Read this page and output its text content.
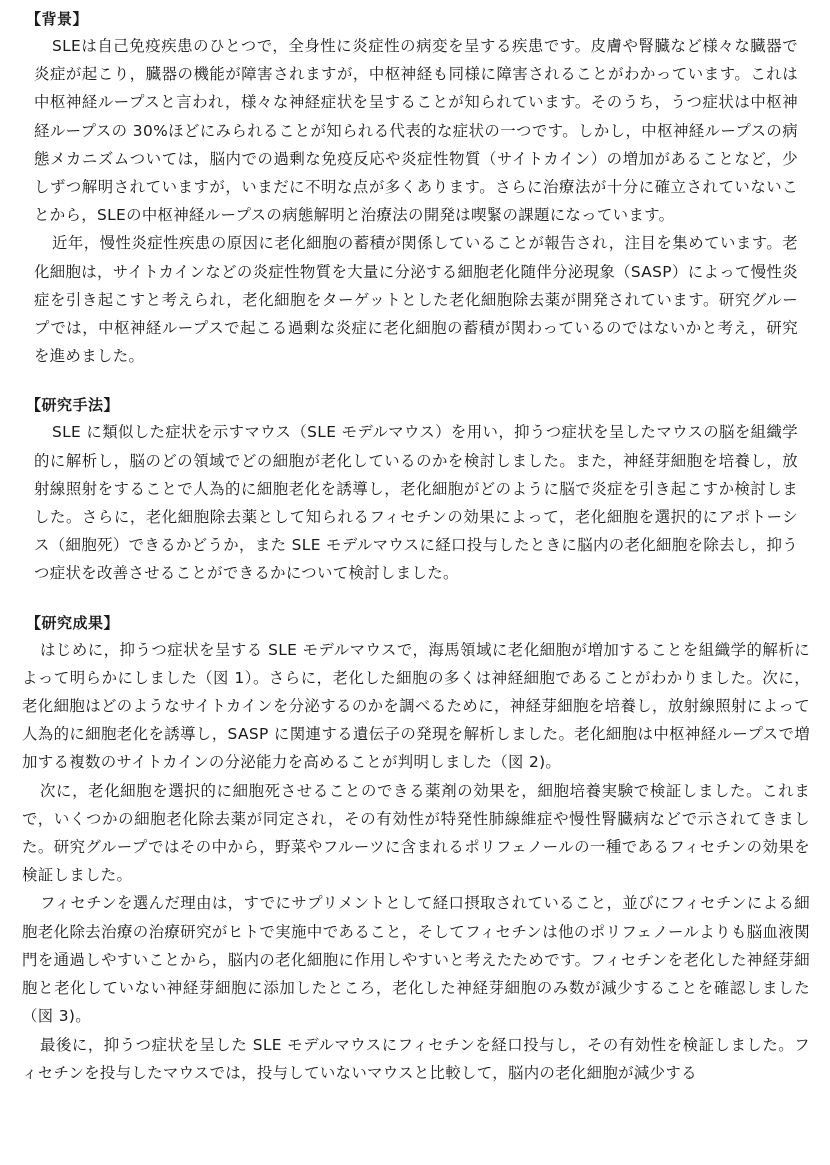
【背景】

SLEは自己免疫疾患のひとつで，全身性に炎症性の病変を呈する疾患です。皮膚や腎臓など様々な臓器で炎症が起こり，臓器の機能が障害されますが，中枢神経も同様に障害されることがわかっています。これは中枢神経ループスと言われ，様々な神経症状を呈することが知られています。そのうち，うつ症状は中枢神経ループスの 30%ほどにみられることが知られる代表的な症状の一つです。しかし，中枢神経ループスの病態メカニズムついては，脳内での過剰な免疫反応や炎症性物質（サイトカイン）の増加があることなど，少しずつ解明されていますが，いまだに不明な点が多くあります。さらに治療法が十分に確立されていないことから，SLEの中枢神経ループスの病態解明と治療法の開発は喫緊の課題になっています。

近年，慢性炎症性疾患の原因に老化細胞の蓄積が関係していることが報告され，注目を集めています。老化細胞は，サイトカインなどの炎症性物質を大量に分泌する細胞老化随伴分泌現象（SASP）によって慢性炎症を引き起こすと考えられ，老化細胞をターゲットとした老化細胞除去薬が開発されています。研究グループでは，中枢神経ループスで起こる過剰な炎症に老化細胞の蓄積が関わっているのではないかと考え，研究を進めました。

【研究手法】

SLE に類似した症状を示すマウス（SLE モデルマウス）を用い，抑うつ症状を呈したマウスの脳を組織学的に解析し，脳のどの領域でどの細胞が老化しているのかを検討しました。また，神経芽細胞を培養し，放射線照射をすることで人為的に細胞老化を誘導し，老化細胞がどのように脳で炎症を引き起こすか検討しました。さらに，老化細胞除去薬として知られるフィセチンの効果によって，老化細胞を選択的にアポトーシス（細胞死）できるかどうか，また SLE モデルマウスに経口投与したときに脳内の老化細胞を除去し，抑うつ症状を改善させることができるかについて検討しました。

【研究成果】

はじめに，抑うつ症状を呈する SLE モデルマウスで，海馬領域に老化細胞が増加することを組織学的解析によって明らかにしました（図 1）。さらに，老化した細胞の多くは神経細胞であることがわかりました。次に，老化細胞はどのようなサイトカインを分泌するのかを調べるために，神経芽細胞を培養し，放射線照射によって人為的に細胞老化を誘導し，SASP に関連する遺伝子の発現を解析しました。老化細胞は中枢神経ループスで増加する複数のサイトカインの分泌能力を高めることが判明しました（図 2)。

次に，老化細胞を選択的に細胞死させることのできる薬剤の効果を，細胞培養実験で検証しました。これまで，いくつかの細胞老化除去薬が同定され，その有効性が特発性肺線維症や慢性腎臓病などで示されてきました。研究グループではその中から，野菜やフルーツに含まれるポリフェノールの一種であるフィセチンの効果を検証しました。

フィセチンを選んだ理由は，すでにサプリメントとして経口摂取されていること，並びにフィセチンによる細胞老化除去治療の治療研究がヒトで実施中であること，そしてフィセチンは他のポリフェノールよりも脳血液関門を通過しやすいことから，脳内の老化細胞に作用しやすいと考えたためです。フィセチンを老化した神経芽細胞と老化していない神経芽細胞に添加したところ，老化した神経芽細胞のみ数が減少することを確認しました（図 3)。

最後に，抑うつ症状を呈した SLE モデルマウスにフィセチンを経口投与し，その有効性を検証しました。フィセチンを投与したマウスでは，投与していないマウスと比較して，脳内の老化細胞が減少する
